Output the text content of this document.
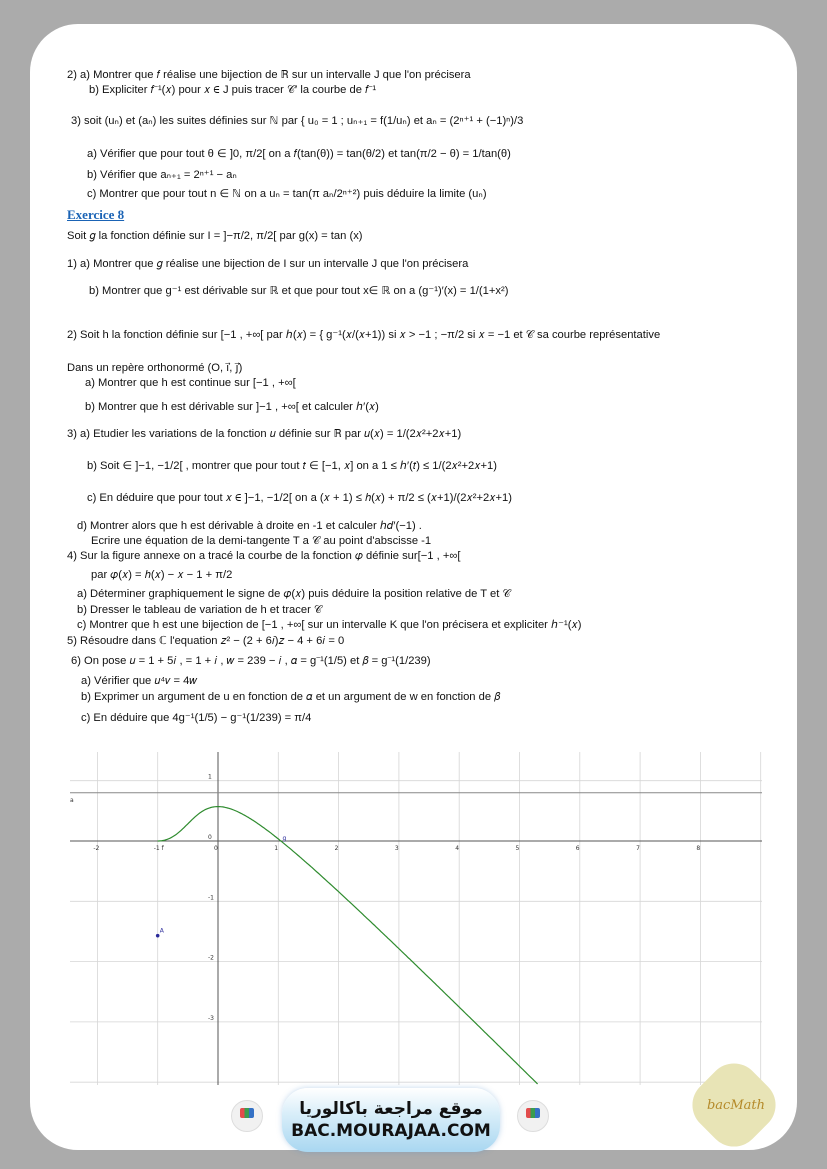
2) a) Montrer que 𝑓 réalise une bijection de ℝ sur un intervalle J que l'on précisera
b) Expliciter 𝑓⁻¹(𝑥) pour 𝑥 ∈ J puis tracer 𝒞′ la courbe de 𝑓⁻¹
3) soit (uₙ) et (aₙ) les suites définies sur ℕ par { u₀ = 1 ; uₙ₊₁ = f(1/uₙ) et aₙ = (2ⁿ⁺¹ + (−1)ⁿ)/3
a) Vérifier que pour tout θ ∈ ]0, π/2[ on a 𝑓(tan(θ)) = tan(θ/2) et tan(π/2 − θ) = 1/tan(θ)
b) Vérifier que aₙ₊₁ = 2ⁿ⁺¹ − aₙ
c) Montrer que pour tout n ∈ ℕ on a uₙ = tan(π aₙ/2ⁿ⁺²) puis déduire la limite (uₙ)
Exercice 8
Soit 𝑔 la fonction définie sur I = ]−π/2, π/2[ par g(x) = tan (x)
1) a) Montrer que 𝑔 réalise une bijection de I sur un intervalle J que l'on précisera
b) Montrer que g⁻¹ est dérivable sur ℝ et que pour tout x∈ ℝ on a (g⁻¹)′(x) = 1/(1+x²)
2) Soit h la fonction définie sur [−1 , +∞[ par ℎ(𝑥) = { g⁻¹(𝑥/(𝑥+1)) si 𝑥 > −1 ; −π/2 si 𝑥 = −1 et 𝒞 sa courbe représentative
Dans un repère orthonormé (O, i⃗, j⃗)
a) Montrer que h est continue sur [−1 , +∞[
b) Montrer que h est dérivable sur ]−1 , +∞[ et calculer ℎ′(𝑥)
3) a) Etudier les variations de la fonction 𝑢 définie sur ℝ par 𝑢(𝑥) = 1/(2𝑥²+2𝑥+1)
b) Soit ∈ ]−1, −1/2[ , montrer que pour tout 𝑡 ∈ [−1, 𝑥] on a 1 ≤ ℎ′(𝑡) ≤ 1/(2𝑥²+2𝑥+1)
c) En déduire que pour tout 𝑥 ∈ ]−1, −1/2[ on a (𝑥 + 1) ≤ ℎ(𝑥) + π/2 ≤ (𝑥+1)/(2𝑥²+2𝑥+1)
d) Montrer alors que h est dérivable à droite en -1 et calculer ℎ𝑑′(−1) .
Ecrire une équation de la demi-tangente T a 𝒞 au point d'abscisse -1
4) Sur la figure annexe on a tracé la courbe de la fonction 𝜑 définie sur[−1 , +∞[
par 𝜑(𝑥) = ℎ(𝑥) − 𝑥 − 1 + π/2
a) Déterminer graphiquement le signe de 𝜑(𝑥) puis déduire la position relative de T et 𝒞
b) Dresser le tableau de variation de h et tracer 𝒞
c) Montrer que h est une bijection de [−1 , +∞[ sur un intervalle K que l'on précisera et expliciter ℎ⁻¹(𝑥)
5) Résoudre dans ℂ l'equation 𝑧² − (2 + 6𝑖)𝑧 − 4 + 6𝑖 = 0
6) On pose 𝑢 = 1 + 5𝑖 , = 1 + 𝑖 , 𝑤 = 239 − 𝑖 , 𝛼 = g⁻¹(1/5) et 𝛽 = g⁻¹(1/239)
a) Vérifier que 𝑢⁴𝑣 = 4𝑤
b) Exprimer un argument de u en fonction de 𝛼 et un argument de w en fonction de 𝛽
c) En déduire que 4g⁻¹(1/5) − g⁻¹(1/239) = π/4
-2	-1 f	0	1	2	3	4	5	6	7	8
1
0
-1
-2
-3
A
a
g
موقع مراجعة باكالوريا
BAC.MOURAJAA.COM
bacMath
